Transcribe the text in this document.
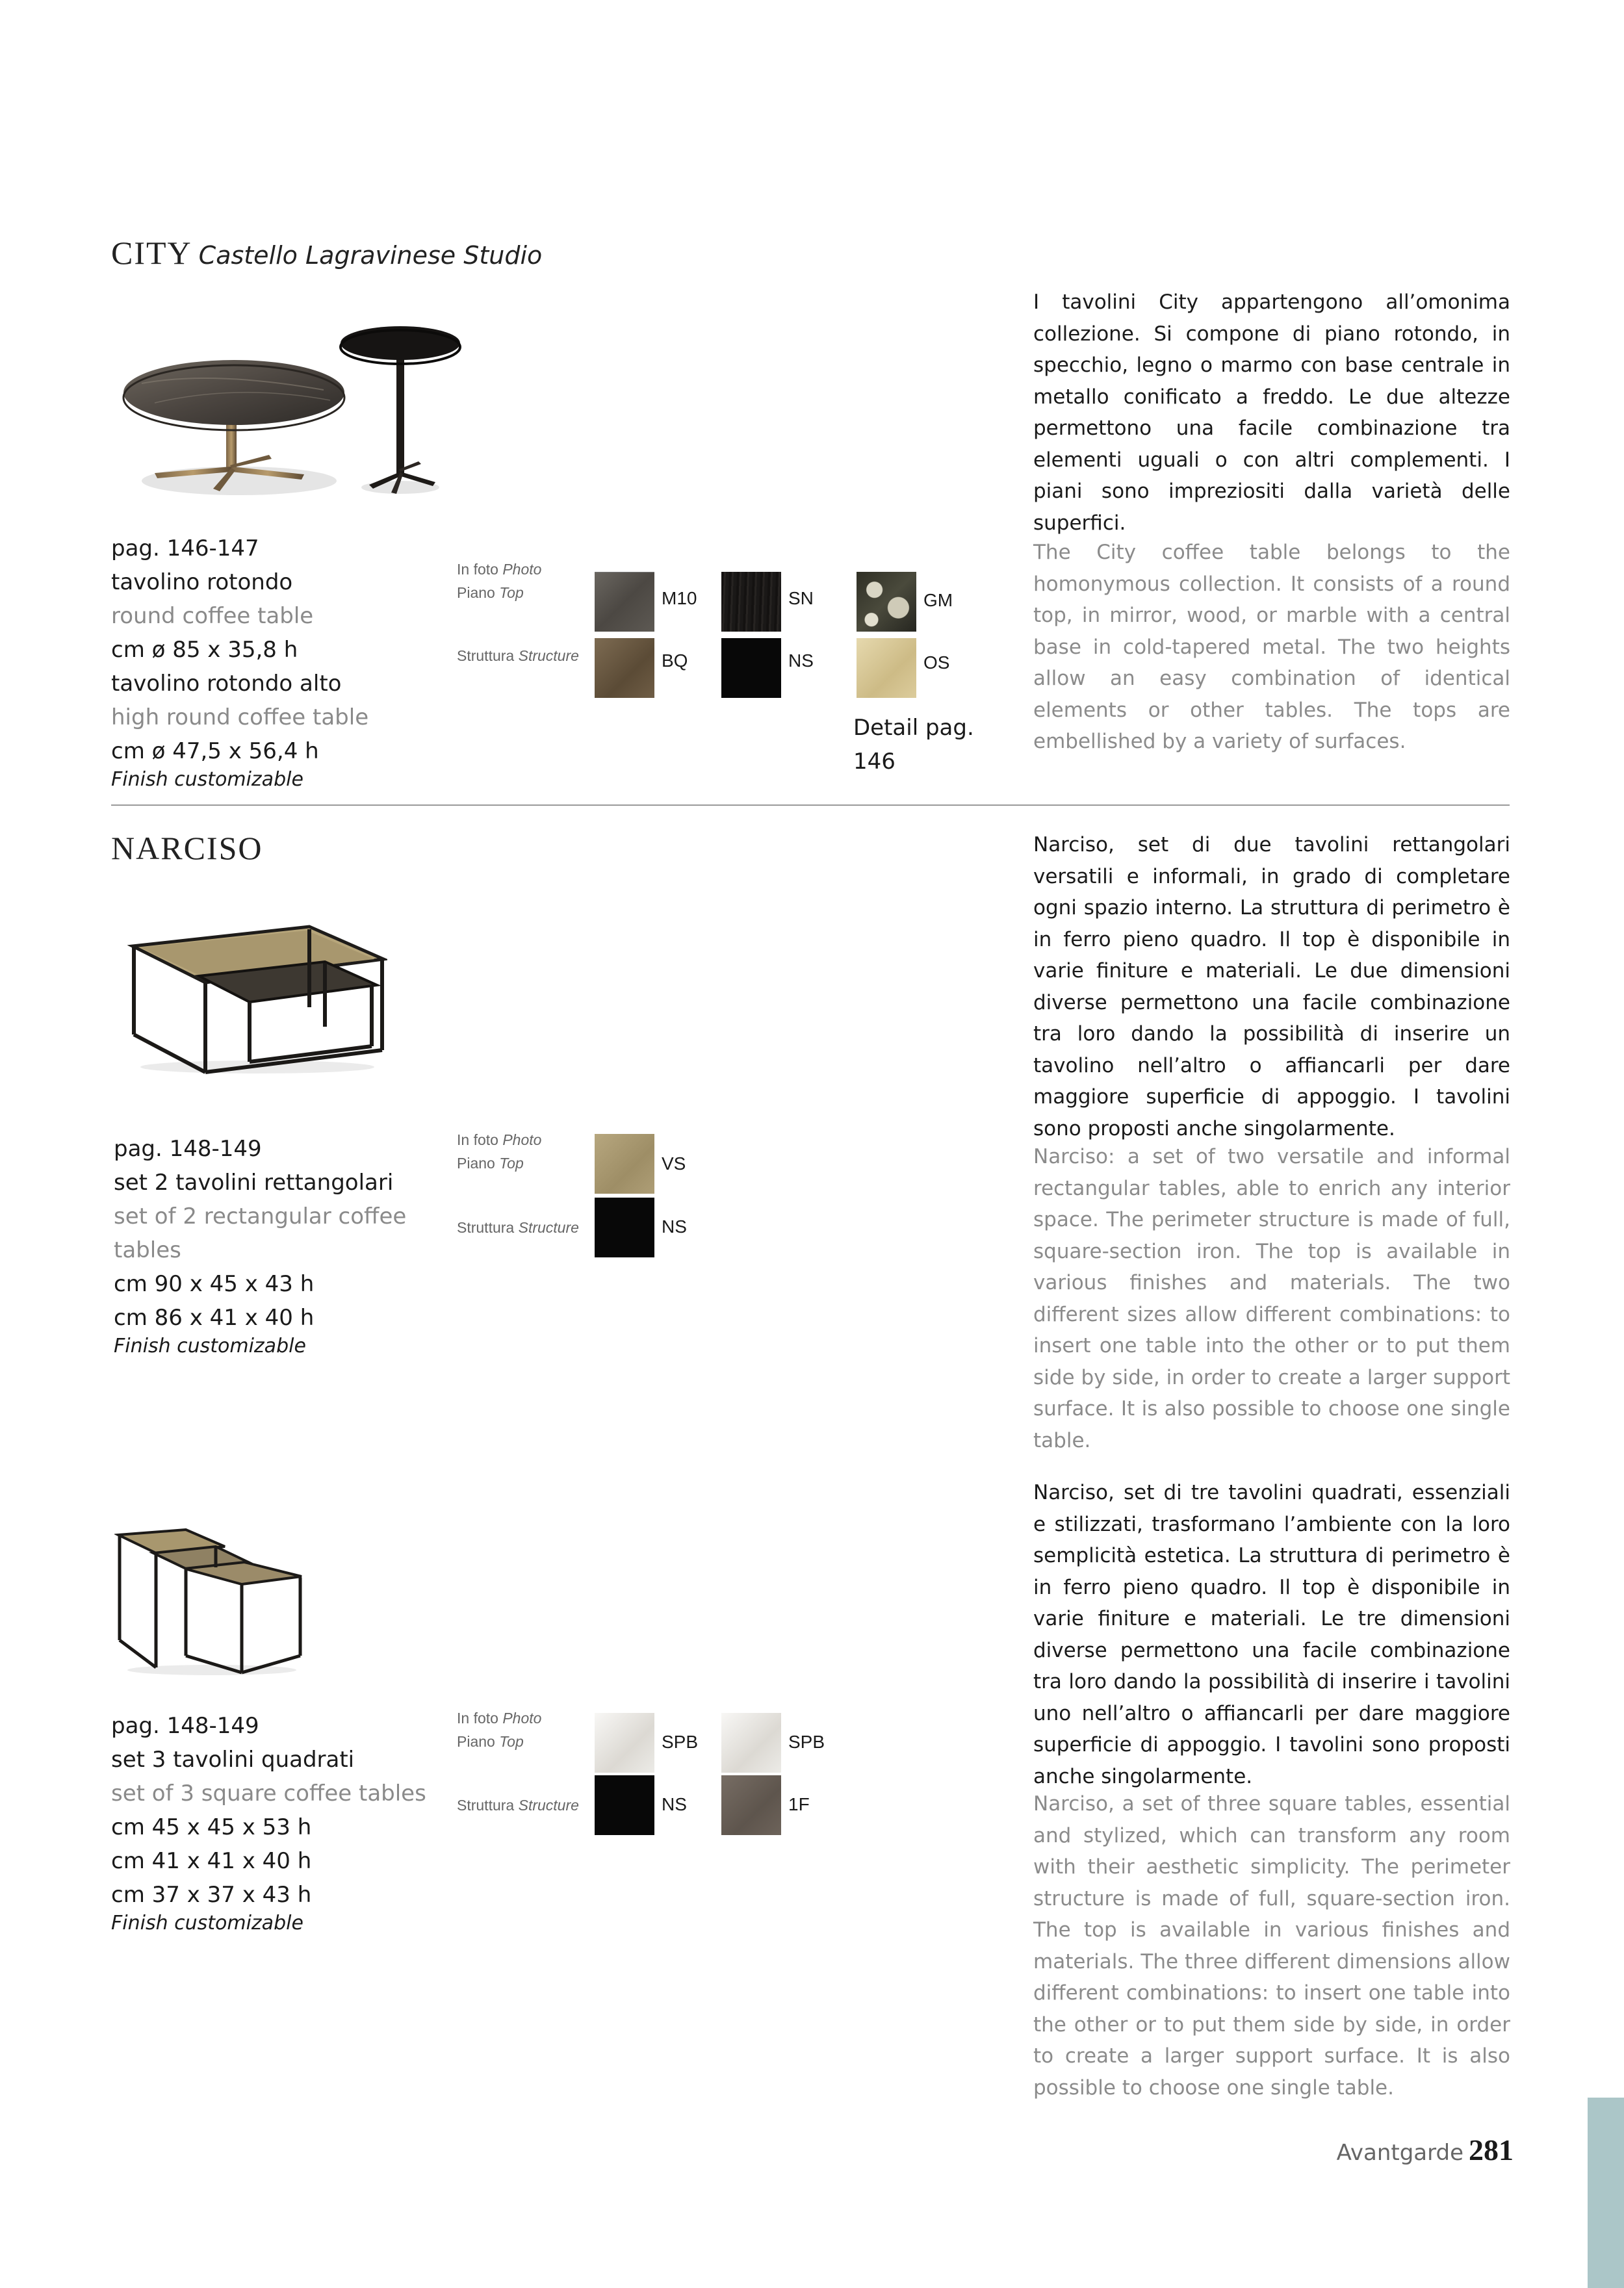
CITY Castello Lagravinese Studio
pag. 146-147
tavolino rotondo
round coffee table
cm ø 85 x 35,8 h
tavolino rotondo alto
high round coffee table
cm ø 47,5 x 56,4 h
Finish customizable
In foto Photo
Piano Top
Struttura Structure
M10	SN	GM
BQ	NS	OS
Detail pag.
146
I tavolini City appartengono all’omonima collezione. Si compone di piano rotondo, in specchio, legno o marmo con base centrale in metallo conificato a freddo. Le due altezze permettono una facile combinazione tra elementi uguali o con altri complementi. I piani sono impreziositi dalla varietà delle superfici.
The City coffee table belongs to the homonymous collection. It consists of a round top, in mirror, wood, or marble with a central base in cold-tapered metal. The two heights allow an easy combination of identical elements or other tables. The tops are embellished by a variety of surfaces.
NARCISO
pag. 148-149
set 2 tavolini rettangolari
set of 2 rectangular coffee
tables
cm 90 x 45 x 43 h
cm 86 x 41 x 40 h
Finish customizable
In foto Photo
Piano Top
Struttura Structure
VS
NS
Narciso, set di due tavolini rettangolari versatili e informali, in grado di completare ogni spazio interno. La struttura di perimetro è in ferro pieno quadro. Il top è disponibile in varie finiture e materiali. Le due dimensioni diverse permettono una facile combinazione tra loro dando la possibilità di inserire un tavolino nell’altro o affiancarli per dare maggiore superficie di appoggio. I tavolini sono proposti anche singolarmente.
Narciso: a set of two versatile and informal rectangular tables, able to enrich any interior space. The perimeter structure is made of full, square-section iron. The top is available in various finishes and materials. The two different sizes allow different combinations: to insert one table into the other or to put them side by side, in order to create a larger support surface. It is also possible to choose one single table.
pag. 148-149
set 3 tavolini quadrati
set of 3 square coffee tables
cm 45 x 45 x 53 h
cm 41 x 41 x 40 h
cm 37 x 37 x 43 h
Finish customizable
In foto Photo
Piano Top
Struttura Structure
SPB	SPB
NS	1F
Narciso, set di tre tavolini quadrati, essenziali e stilizzati, trasformano l’ambiente con la loro semplicità estetica. La struttura di perimetro è in ferro pieno quadro. Il top è disponibile in varie finiture e materiali. Le tre dimensioni diverse permettono una facile combinazione tra loro dando la possibilità di inserire i tavolini uno nell’altro o affiancarli per dare maggiore superficie di appoggio. I tavolini sono proposti anche singolarmente.
Narciso, a set of three square tables, essential and stylized, which can transform any room with their aesthetic simplicity. The perimeter structure is made of full, square-section iron. The top is available in various finishes and materials. The three different dimensions allow different combinations: to insert one table into the other or to put them side by side, in order to create a larger support surface. It is also possible to choose one single table.
Avantgarde 281
